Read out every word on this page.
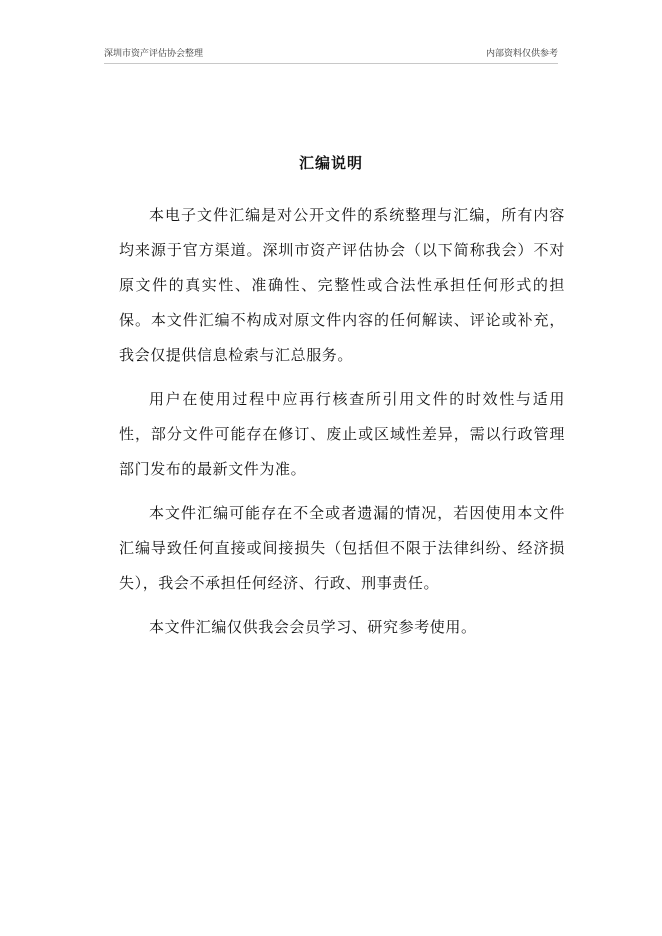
深圳市资产评估协会整理	内部资料仅供参考
汇编说明

本电子文件汇编是对公开文件的系统整理与汇编，所有内容均来源于官方渠道。深圳市资产评估协会（以下简称我会）不对原文件的真实性、准确性、完整性或合法性承担任何形式的担保。本文件汇编不构成对原文件内容的任何解读、评论或补充，我会仅提供信息检索与汇总服务。

用户在使用过程中应再行核查所引用文件的时效性与适用性，部分文件可能存在修订、废止或区域性差异，需以行政管理部门发布的最新文件为准。

本文件汇编可能存在不全或者遗漏的情况，若因使用本文件汇编导致任何直接或间接损失（包括但不限于法律纠纷、经济损失），我会不承担任何经济、行政、刑事责任。

本文件汇编仅供我会会员学习、研究参考使用。
